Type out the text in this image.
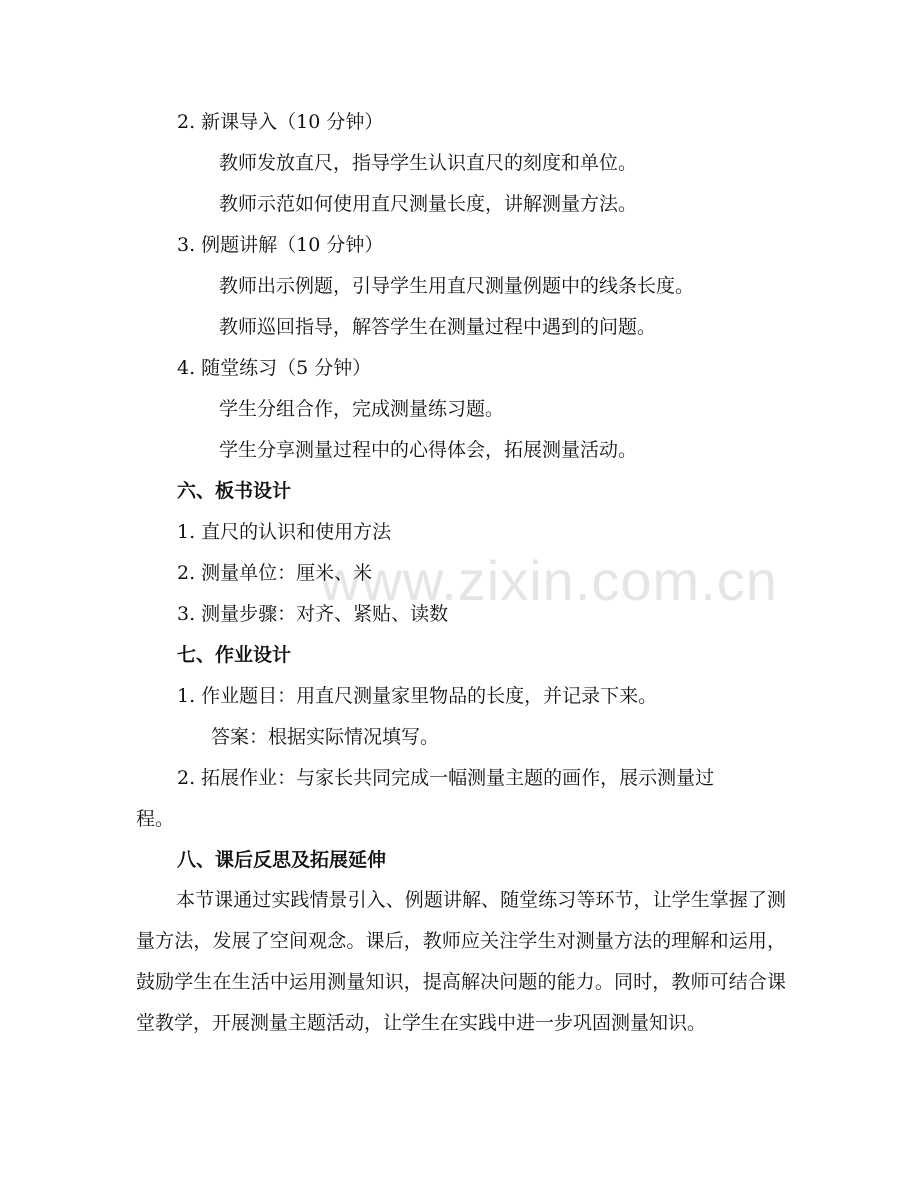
www.zixin.com.cn
2. 新课导入（10 分钟）
教师发放直尺，指导学生认识直尺的刻度和单位。
教师示范如何使用直尺测量长度，讲解测量方法。
3. 例题讲解（10 分钟）
教师出示例题，引导学生用直尺测量例题中的线条长度。
教师巡回指导，解答学生在测量过程中遇到的问题。
4. 随堂练习（5 分钟）
学生分组合作，完成测量练习题。
学生分享测量过程中的心得体会，拓展测量活动。
六、板书设计
1. 直尺的认识和使用方法
2. 测量单位：厘米、米
3. 测量步骤：对齐、紧贴、读数
七、作业设计
1. 作业题目：用直尺测量家里物品的长度，并记录下来。
答案：根据实际情况填写。
2. 拓展作业：与家长共同完成一幅测量主题的画作，展示测量过
程。
八、课后反思及拓展延伸
本节课通过实践情景引入、例题讲解、随堂练习等环节，让学生掌握了测量方法，发展了空间观念。课后，教师应关注学生对测量方法的理解和运用，鼓励学生在生活中运用测量知识，提高解决问题的能力。同时，教师可结合课堂教学，开展测量主题活动，让学生在实践中进一步巩固测量知识。
